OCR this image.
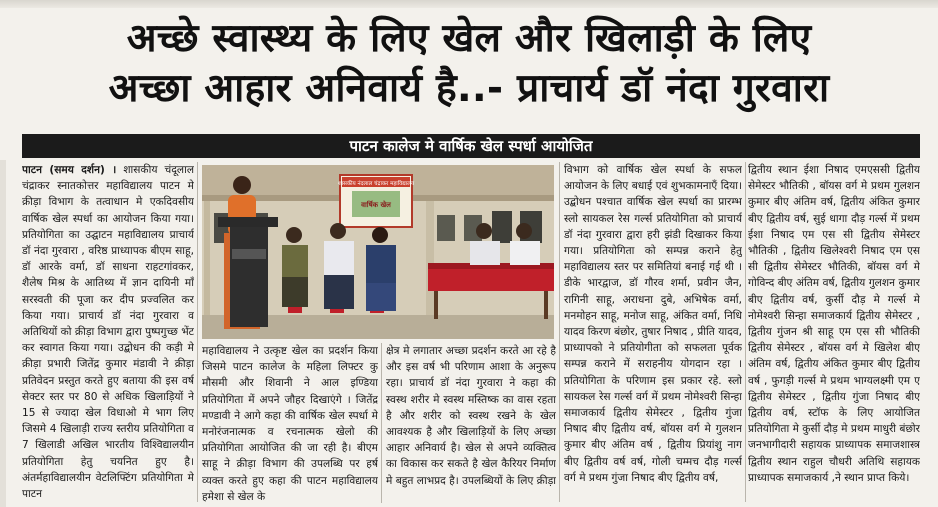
अच्छे स्वास्थ्य के लिए खेल और खिलाड़ी के लिए
अच्छा आहार अनिवार्य है..- प्राचार्य डॉ नंदा गुरवारा
पाटन कालेज मे वार्षिक खेल स्पर्धा आयोजित
पाटन (समय दर्शन) । शासकीय चंदूलाल चंद्राकर स्नातकोत्तर महाविद्यालय पाटन मे क्रीड़ा विभाग के तत्वाधान मे एकदिवसीय वार्षिक खेल स्पर्धा का आयोजन किया गया। प्रतियोगिता का उद्घाटन महाविद्यालय प्राचार्य डॉ नंदा गुरवारा , वरिष्ठ प्राध्यापक बीएम साहू, डॉ आरके वर्मा, डॉ साधना राहटगांवकर, शैलेष मिश्र के आतिथ्य में ज्ञान दायिनी माँ सरस्वती की पूजा कर दीप प्रज्वलित कर किया गया। प्राचार्य डॉ नंदा गुरवारा व अतिथियों को क्रीड़ा विभाग द्वारा पुष्पगुच्छ भेंट कर स्वागत किया गया। उद्बोधन की कड़ी मे क्रीड़ा प्रभारी जितेंद्र कुमार मंडावी ने क्रीड़ा प्रतिवेदन प्रस्तुत करते हुए बताया की इस वर्ष सेक्टर स्तर पर 80 से अधिक खिलाड़ियों ने 15 से ज्यादा खेल विधाओ मे भाग लिए जिसमे 4 खिलाड़ी राज्य स्तरीय प्रतियोगिता व 7 खिलाडी अखिल भारतीय विश्विद्यालयीन प्रतियोगिता हेतु चयनित हुए है। अंतर्महाविद्यालयीन वेटलिफ्टिंग प्रतियोगिता मे पाटन
शासकीय नंदलाल चंद्राकर महाविद्यालय
वार्षिक खेल
महाविद्यालय ने उत्कृष्ट खेल का प्रदर्शन किया जिसमे पाटन कालेज के महिला लिफ्टर कु मौसमी और शिवानी ने आल इण्डिया प्रतियोगिता में अपने जौहर दिखाएंगे । जितेंद्र मण्डावी ने आगे कहा की वार्षिक खेल स्पर्धा मे मनोरंजनात्मक व रचनात्मक खेलो की प्रतियोगिता आयोजित की जा रही है। बीएम साहू ने क्रीड़ा विभाग की उपलब्धि पर हर्ष व्यक्त करते हुए कहा की पाटन महाविद्यालय हमेशा से खेल के
क्षेत्र मे लगातार अच्छा प्रदर्शन करते आ रहे है और इस वर्ष भी परिणाम आशा के अनुरूप रहा। प्राचार्य डॉ नंदा गुरवारा ने कहा की स्वस्थ शरीर मे स्वस्थ मस्तिष्क का वास रहता है और शरीर को स्वस्थ रखने के खेल आवश्यक है और खिलाड़ियों के लिए अच्छा आहार अनिवार्य है। खेल से अपने व्यक्तित्व का विकास कर सकते है खेल कैरियर निर्माण मे बहुत लाभप्रद है। उपलब्धियों के लिए क्रीड़ा
विभाग को वार्षिक खेल स्पर्धा के सफल आयोजन के लिए बधाई एवं शुभकामनाएँ दिया। उद्बोधन पश्चात वार्षिक खेल स्पर्धा का प्रारम्भ स्लो सायकल रेस गर्ल्स प्रतियोगिता को प्राचार्य डॉ नंदा गुरवारा द्वारा हरी झंडी दिखाकर किया गया। प्रतियोगिता को सम्पन्न कराने हेतु महाविद्यालय स्तर पर समितियां बनाई गई थी । डीके भारद्वाज, डॉ गौरव शर्मा, प्रवीन जैन, रागिनी साहू, अराधना दुबे, अभिषेक वर्मा, मनमोहन साहू, मनोज साहू, अंकित वर्मा, निधि यादव किरण बंछोर, तुषार निषाद , प्रीति यादव, प्राध्यापको ने प्रतियोगीता को सफलता पूर्वक सम्पन्न कराने में सराहनीय योगदान रहा । प्रतियोगिता के परिणाम इस प्रकार रहे. स्लो सायकल रेस गर्ल्स वर्ग में प्रथम नोमेश्वरी सिन्हा समाजकार्य द्वितीय सेमेस्टर , द्वितीय गुंजा निषाद बीए द्वितीय वर्ष, बॉयस वर्ग मे गुलशन कुमार बीए अंतिम वर्ष , द्वितीय प्रियांशु नाग बीए द्वितीय वर्ष वर्ष, गोली चम्मच दौड़ गर्ल्स वर्ग मे प्रथम गुंजा निषाद बीए द्वितीय वर्ष,
द्वितीय स्थान ईशा निषाद एमएससी द्वितीय सेमेस्टर भौतिकी , बॉयस वर्ग मे प्रथम गुलशन कुमार बीए अंतिम वर्ष, द्वितीय अंकित कुमार बीए द्वितीय वर्ष, सुई धागा दौड़ गर्ल्स में प्रथम ईशा निषाद एम एस सी द्वितीय सेमेस्टर भौतिकी , द्वितीय खिलेश्वरी निषाद एम एस सी द्वितीय सेमेस्टर भौतिकी, बॉयस वर्ग मे गोविन्द बीए अंतिम वर्ष, द्वितीय गुलशन कुमार बीए द्वितीय वर्ष, कुर्सी दौड़ मे गर्ल्स मे नोमेश्वरी सिन्हा समाजकार्य द्वितीय सेमेस्टर , द्वितीय गुंजन श्री साहू एम एस सी भौतिकी द्वितीय सेमेस्टर , बॉयस वर्ग मे खिलेश बीए अंतिम वर्ष, द्वितीय अंकित कुमार बीए द्वितीय वर्ष , फुगड़ी गर्ल्स मे प्रथम भाग्यलक्ष्मी एम ए द्वितीय सेमेस्टर , द्वितीय गुंजा निषाद बीए द्वितीय वर्ष, स्टॉफ के लिए आयोजित प्रतियोगिता मे कुर्सी दौड़ मे प्रथम माधुरी बंछोर जनभागीदारी सहायक प्राध्यापक समाजशास्त्र द्वितीय स्थान राहुल चौधरी अतिथि सहायक प्राध्यापक समाजकार्य ,ने स्थान प्राप्त किये।
